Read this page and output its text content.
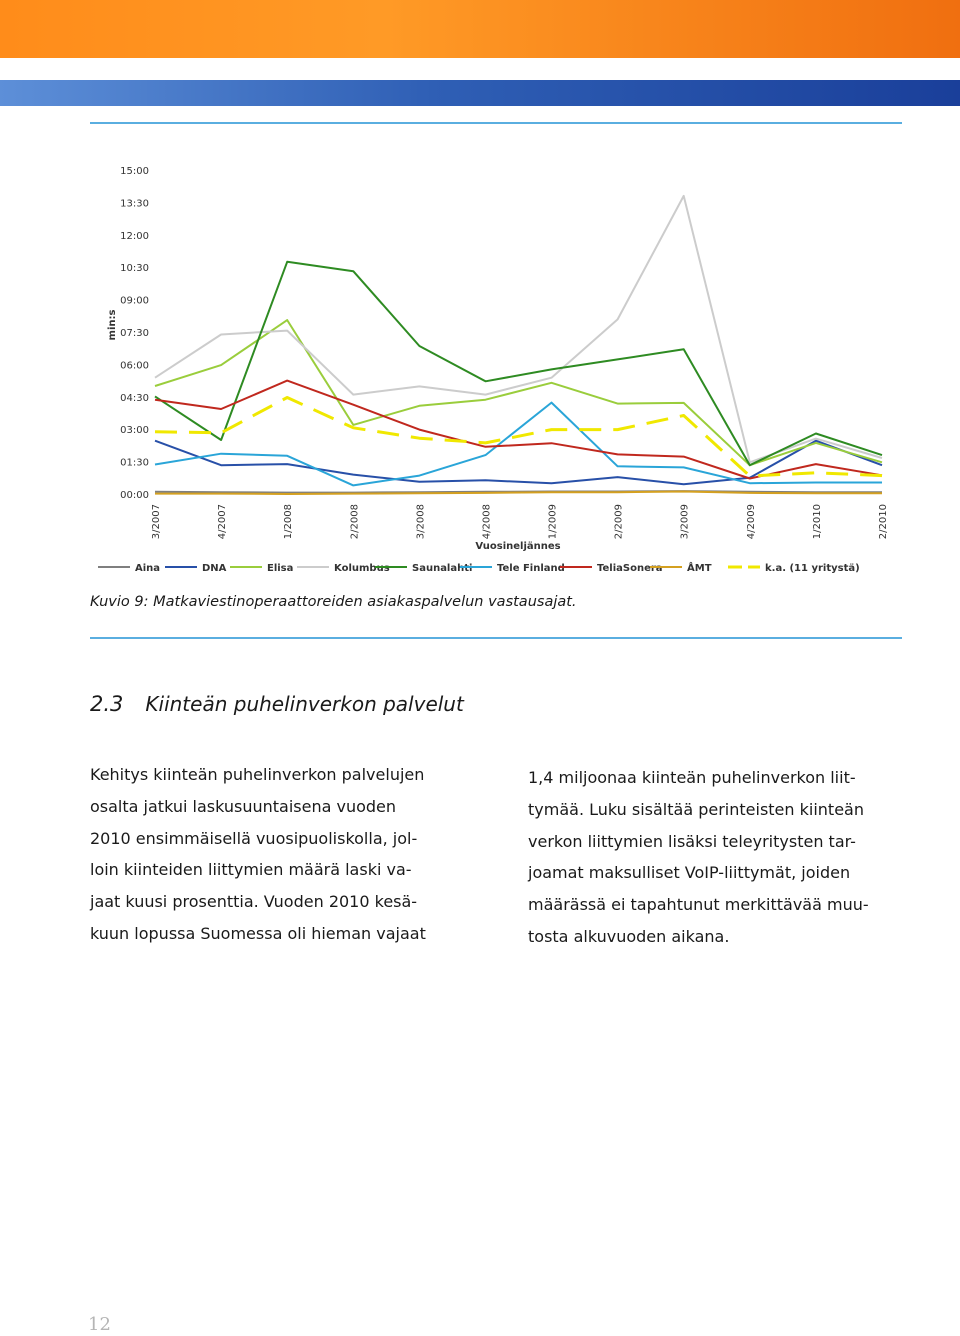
15:00
13:30
12:00
10:30
09:00
07:30
06:00
04:30
03:00
01:30
00:00
min:s
3/2007	4/2007	1/2008	2/2008	3/2008	4/2008	1/2009	2/2009	3/2009	4/2009	1/2010	2/2010
Vuosineljännes
Aina	DNA	Elisa	Kolumbus Saunalahti Tele Finland	TeliaSonera ÅMT	k.a. (11 yritystä)
Kuvio 9: Matkaviestinoperaattoreiden asiakaspalvelun vastausajat.
2.3 Kiinteän puhelinverkon palvelut
Kehitys kiinteän puhelinverkon palvelujen
osalta jatkui laskusuuntaisena vuoden
2010 ensimmäisellä vuosipuoliskolla, jol-
loin kiinteiden liittymien määrä laski va-
jaat kuusi prosenttia. Vuoden 2010 kesä-
kuun lopussa Suomessa oli hieman vajaat
1,4 miljoonaa kiinteän puhelinverkon liit-
tymää. Luku sisältää perinteisten kiinteän
verkon liittymien lisäksi teleyritysten tar-
joamat maksulliset VoIP-liittymät, joiden
määrässä ei tapahtunut merkittävää muu-
tosta alkuvuoden aikana.
12
